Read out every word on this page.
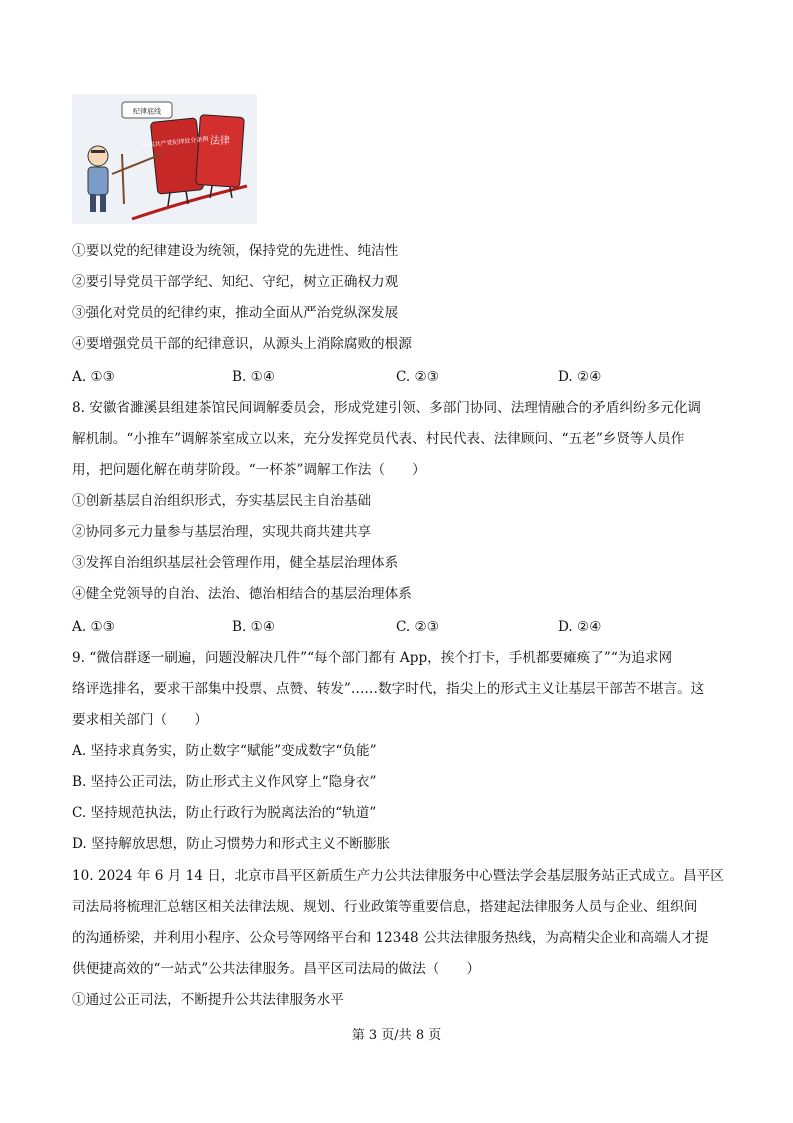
纪律底线
中国共产党纪律处分条例 法律
①要以党的纪律建设为统领，保持党的先进性、纯洁性
②要引导党员干部学纪、知纪、守纪，树立正确权力观
③强化对党员的纪律约束，推动全面从严治党纵深发展
④要增强党员干部的纪律意识，从源头上消除腐败的根源
A. ①③	B. ①④	C. ②③	D. ②④
8. 安徽省濉溪县组建茶馆民间调解委员会，形成党建引领、多部门协同、法理情融合的矛盾纠纷多元化调
解机制。“小推车”调解茶室成立以来，充分发挥党员代表、村民代表、法律顾问、“五老”乡贤等人员作
用，把问题化解在萌芽阶段。“一杯茶”调解工作法（　　）
①创新基层自治组织形式，夯实基层民主自治基础
②协同多元力量参与基层治理，实现共商共建共享
③发挥自治组织基层社会管理作用，健全基层治理体系
④健全党领导的自治、法治、德治相结合的基层治理体系
A. ①③	B. ①④	C. ②③	D. ②④
9. “微信群逐一刷遍，问题没解决几件”“每个部门都有 App，挨个打卡，手机都要瘫痪了”“为追求网
络评选排名，要求干部集中投票、点赞、转发”……数字时代，指尖上的形式主义让基层干部苦不堪言。这
要求相关部门（　　）
A. 坚持求真务实，防止数字“赋能”变成数字“负能”
B. 坚持公正司法，防止形式主义作风穿上“隐身衣”
C. 坚持规范执法，防止行政行为脱离法治的“轨道”
D. 坚持解放思想，防止习惯势力和形式主义不断膨胀
10. 2024 年 6 月 14 日，北京市昌平区新质生产力公共法律服务中心暨法学会基层服务站正式成立。昌平区
司法局将梳理汇总辖区相关法律法规、规划、行业政策等重要信息，搭建起法律服务人员与企业、组织间
的沟通桥梁，并利用小程序、公众号等网络平台和 12348 公共法律服务热线，为高精尖企业和高端人才提
供便捷高效的“一站式”公共法律服务。昌平区司法局的做法（　　）
①通过公正司法，不断提升公共法律服务水平
第 3 页/共 8 页
